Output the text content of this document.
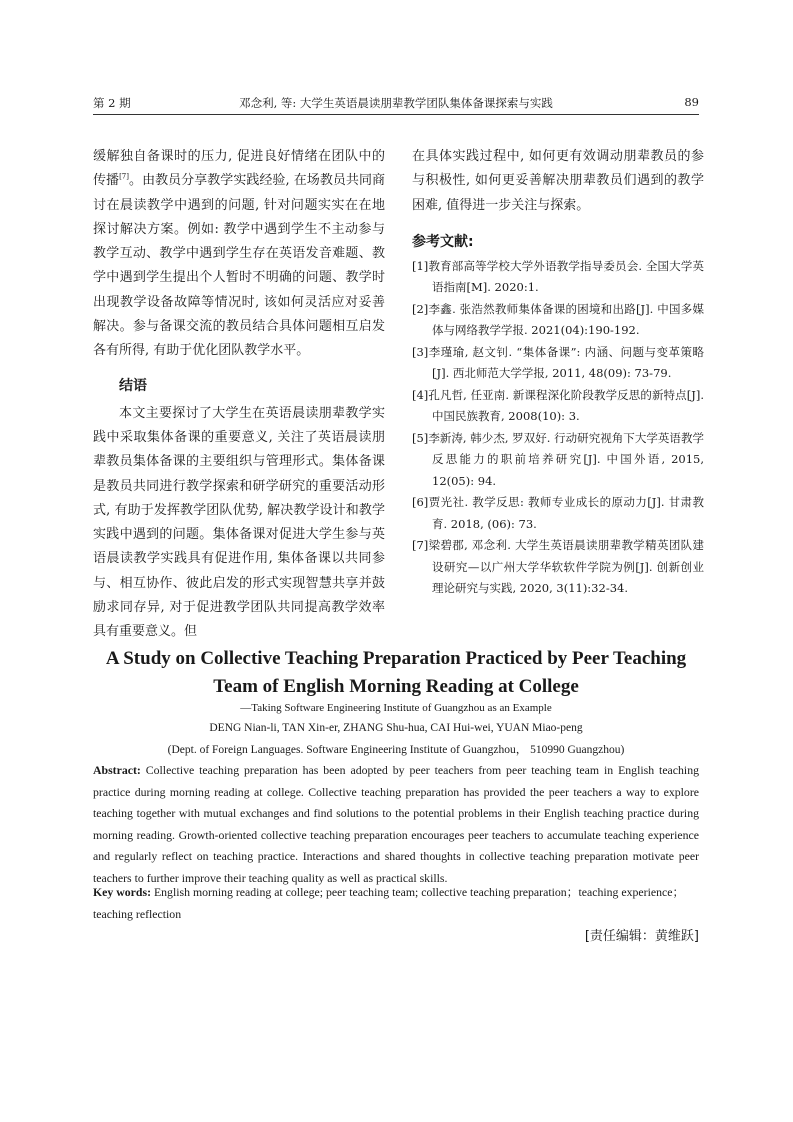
第 2 期	邓念利, 等: 大学生英语晨读朋辈教学团队集体备课探索与实践	89

缓解独自备课时的压力, 促进良好情绪在团队中的传播[7]。由教员分享教学实践经验, 在场教员共同商讨在晨读教学中遇到的问题, 针对问题实实在在地探讨解决方案。例如: 教学中遇到学生不主动参与教学互动、教学中遇到学生存在英语发音难题、教学中遇到学生提出个人暂时不明确的问题、教学时出现教学设备故障等情况时, 该如何灵活应对妥善解决。参与备课交流的教员结合具体问题相互启发各有所得, 有助于优化团队教学水平。

结语

本文主要探讨了大学生在英语晨读朋辈教学实践中采取集体备课的重要意义, 关注了英语晨读朋辈教员集体备课的主要组织与管理形式。集体备课是教员共同进行教学探索和研学研究的重要活动形式, 有助于发挥教学团队优势, 解决教学设计和教学实践中遇到的问题。集体备课对促进大学生参与英语晨读教学实践具有促进作用, 集体备课以共同参与、相互协作、彼此启发的形式实现智慧共享并鼓励求同存异, 对于促进教学团队共同提高教学效率具有重要意义。但

在具体实践过程中, 如何更有效调动朋辈教员的参与积极性, 如何更妥善解决朋辈教员们遇到的教学困难, 值得进一步关注与探索。

参考文献:
[1]教育部高等学校大学外语教学指导委员会. 全国大学英语指南[M]. 2020:1.
[2]李鑫. 张浩然教师集体备课的困境和出路[J]. 中国多媒体与网络教学学报. 2021(04):190-192.
[3]李瑾瑜, 赵文钊. “集体备课”: 内涵、问题与变革策略[J]. 西北师范大学学报, 2011, 48(09): 73-79.
[4]孔凡哲, 任亚南. 新课程深化阶段教学反思的新特点[J]. 中国民族教育, 2008(10): 3.
[5]李新涛, 韩少杰, 罗双好. 行动研究视角下大学英语教学反思能力的职前培养研究[J]. 中国外语, 2015, 12(05): 94.
[6]贾光社. 教学反思: 教师专业成长的原动力[J]. 甘肃教育. 2018, (06): 73.
[7]梁碧郡, 邓念利. 大学生英语晨读朋辈教学精英团队建设研究—以广州大学华软软件学院为例[J]. 创新创业理论研究与实践, 2020, 3(11):32-34.
A Study on Collective Teaching Preparation Practiced by Peer Teaching
Team of English Morning Reading at College
—Taking Software Engineering Institute of Guangzhou as an Example
DENG Nian-li, TAN Xin-er, ZHANG Shu-hua, CAI Hui-wei, YUAN Miao-peng
(Dept. of Foreign Languages. Software Engineering Institute of Guangzhou， 510990 Guangzhou)
Abstract: Collective teaching preparation has been adopted by peer teachers from peer teaching team in English teaching practice during morning reading at college. Collective teaching preparation has provided the peer teachers a way to explore teaching together with mutual exchanges and find solutions to the potential problems in their English teaching practice during morning reading. Growth-oriented collective teaching preparation encourages peer teachers to accumulate teaching experience and regularly reflect on teaching practice. Interactions and shared thoughts in collective teaching preparation motivate peer teachers to further improve their teaching quality as well as practical skills.
Key words: English morning reading at college; peer teaching team; collective teaching preparation；teaching experience；teaching reflection
[责任编辑：黄维跃]
